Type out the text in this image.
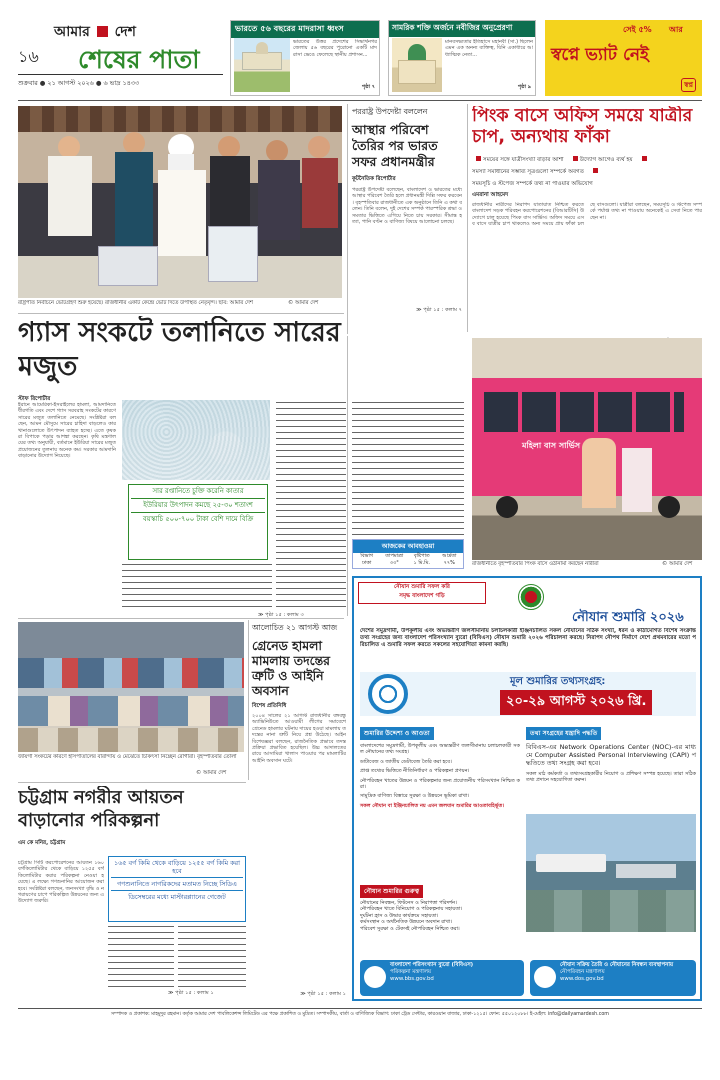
আমার দেশ
১৬ শেষের পাতা
শুক্রবার ● ২১ আগস্ট ২০২৬ ● ৬ ভাদ্র ১৪৩৩
ভারতে ৫৬ বছরের মাদরাসা ধ্বংস
ভারতের উত্তর প্রদেশের সিদ্ধার্থনগর জেলায় ৫৬ বছরের পুরোনো একটি মাদরাসা ভেঙে ফেলেছে স্থানীয় প্রশাসন...
পৃষ্ঠা ৭
সামরিক শক্তি অর্জনে নবীজির অনুপ্রেরণা
মানবসভ্যতার ইতিহাসে মহানবী (সা.) ছিলেন এমন এক অনন্য ব্যক্তিত্ব, যিনি একাধারে আধ্যাত্মিক নেতা...
পৃষ্ঠা ৯
সেই ৫% আর
স্বপ্নে ভ্যাট নেই
স্বপ্ন
রাষ্ট্রপতি নির্বাচনে ভোটগ্রহণ শুরু হয়েছে। রাজধানীর একটি কেন্দ্রে ভোট দিতে উপস্থিত নেতৃবৃন্দ। ছবি: আমার দেশ	© আমার দেশ
পররাষ্ট্র উপদেষ্টা বললেন
আস্থার পরিবেশ তৈরির পর ভারত সফর প্রধানমন্ত্রীর
কূটনৈতিক রিপোর্টার
পররাষ্ট্র উপদেষ্টা বলেছেন, বাংলাদেশ ও ভারতের মধ্যে আস্থার পরিবেশ তৈরি হলে প্রধানমন্ত্রী দিল্লি সফর করবেন। বৃহস্পতিবার রাজধানীতে এক অনুষ্ঠানে তিনি এ কথা বলেন। তিনি বলেন, দুই দেশের সম্পর্ক পারস্পরিক শ্রদ্ধা ও সমতার ভিত্তিতে এগিয়ে নিতে চায় সরকার। সীমান্ত হত্যা, পানি বণ্টন ও বাণিজ্য বিষয়ে আলোচনা চলছে।
≫ পৃষ্ঠা ১৫ : কলাম ৭
পিংক বাসে অফিস সময়ে যাত্রীর চাপ, অন্যথায় ফাঁকা
সময়ের সঙ্গে যাত্রীসংখ্যা বাড়ার আশা	উদ্যোগ আগেও ব্যর্থ হয় সমস্যা সমাধানের সম্ভাব্য সূত্রগুলো সম্পর্কে অবগত সময়সূচি ও স্টপেজ সম্পর্কে তথ্য না পাওয়ার অভিযোগ
এমরানা আহমেদ
রাজধানীর নারীদের নিরাপদ যাতায়াত নিশ্চিত করতে বাংলাদেশ সড়ক পরিবহন করপোরেশনের (বিআরটিসি) উদ্যোগে চালু হয়েছে পিংক বাস সার্ভিস। অফিস সময়ে এসব বাসে যাত্রীর চাপ থাকলেও অন্য সময়ে প্রায় ফাঁকা চলছে বাসগুলো। যাত্রীরা বলছেন, সময়সূচি ও স্টপেজ সম্পর্কে পর্যাপ্ত তথ্য না পাওয়ায় অনেকেই এ সেবা নিতে পারছেন না।
মহিলা বাস সার্ভিস
রাজধানীতে বৃহস্পতিবার পিংক বাসে ওঠানামা করছেন নারীরা	© আমার দেশ
আজকের আবহাওয়া
বিভাগ	তাপমাত্রা	বৃষ্টিপাত	আর্দ্রতা
ঢাকা	৩৩°	১ মি.মি.	৭৭%
গ্যাস সংকটে তলানিতে সারের মজুত
স্টাফ রিপোর্টার
ইরানে আমেরিকা-ইসরাইলের হামলা, আমদানিতে ধীরগতি এবং দেশে গ্যাস সরবরাহ সংকটের কারণে সারের মজুত তলানিতে নেমেছে। সংশ্লিষ্টরা বলছেন, আমন মৌসুমে সারের চাহিদা বাড়লেও কারখানাগুলোতে উৎপাদন ব্যাহত হচ্ছে। এতে কৃষকরা বিপাকে পড়ার আশঙ্কা করছেন। কৃষি মন্ত্রণালয়ের তথ্য অনুযায়ী, বর্তমানে ইউরিয়া সারের মজুত প্রয়োজনের তুলনায় অনেক কম। সরকার আমদানি বাড়ানোর উদ্যোগ নিয়েছে।
সার রপ্তানিতে চুক্তি করেনি কাতার
ইউরিয়ার উৎপাদন কমছে ২৫-৩০ শতাংশ
বয়স্কাচি ৫০০-৭০০ টাকা বেশি দামে বিক্রি
≫ পৃষ্ঠা ১৫ : কলাম ৩
নৌযান শুমারি সফল করি
সমৃদ্ধ বাংলাদেশ গড়ি
নৌযান শুমারি ২০২৬
দেশের সমুদ্রগামী, উপকূলীয় এবং অভ্যন্তরীণ জলসীমানায় চলাচলকারী ইঞ্জিনচালিত সকল নৌযানের সঠিক সংখ্যা, ধরন ও কাঠামোগত বিশেষ সংক্রান্ত তথ্য সংগ্রহের জন্য বাংলাদেশ পরিসংখ্যান ব্যুরো (বিবিএস) নৌযান শুমারি ২০২৬ পরিচালনা করছে। নিরাপদ নৌপথ নির্মাণে দেশে প্রথমবারের মতো পরিচালিত এ শুমারি সফল করতে সকলের সহযোগিতা কামনা করছি।
মূল শুমারির তথ্যসংগ্রহ:
২০-২৯ আগস্ট ২০২৬ খ্রি.
শুমারির উদ্দেশ্য ও আওতা
বাংলাদেশের সমুদ্রগামী, উপকূলীয় এবং অভ্যন্তরীণ জলসীমানায় চলাচলকারী সকল নৌযানের তথ্য সংগ্রহ।
ডাটাবেজ ও জাতীয় ডেটাবেজ তৈরি করা হবে।
প্রাপ্ত তথ্যের ভিত্তিতে নীতিনির্ধারণ ও পরিকল্পনা প্রণয়ন।
নৌপরিবহন খাতের উন্নয়ন ও পরিকল্পনার জন্য প্রয়োজনীয় পরিসংখ্যান নিশ্চিত করা।
সামুদ্রিক বাণিজ্য বিস্তারে সুরক্ষা ও উন্নয়নে ভূমিকা রাখা।
সকল নৌযান বা ইঞ্জিনচালিত নয় এমন জলযান শুমারির আওতাবহির্ভূত।
তথ্য সংগ্রহের যন্ত্রাদি পদ্ধতি
বিবিএস-এর Network Operations Center (NOC)-এর মাধ্যমে Computer Assisted Personal Interviewing (CAPI) পদ্ধতিতে তথ্য সংগ্রহ করা হবে।
সকল মাঠ কর্মকর্তা ও তথ্যসংগ্রহকারীর নিয়োগ ও প্রশিক্ষণ সম্পন্ন হয়েছে। তারা সঠিক তথ্য প্রদানে সহযোগিতা করুন।
নৌযান শুমারির গুরুত্ব
নৌযানের নিবন্ধন, ফিটনেস ও নিরাপত্তা পরিদর্শন।
নৌপরিবহন খাতে বিনিয়োগ ও পরিকল্পনায় সহায়তা।
দুর্ঘটনা হ্রাস ও উদ্ধার কার্যক্রমে সহায়তা।
কর্মসংস্থান ও অর্থনৈতিক উন্নয়নে অবদান রাখা।
পরিবেশ সুরক্ষা ও টেকসই নৌপরিবহন নিশ্চিত করা।
বাংলাদেশ পরিসংখ্যান ব্যুরো (বিবিএস)
পরিকল্পনা মন্ত্রণালয়
www.bbs.gov.bd
নৌযান সক্রিয় তৈরি ও নৌযানের নিবন্ধন ব্যবস্থাপনায়
নৌপরিবহন মন্ত্রণালয়
www.dos.gov.bd
জায়গা সংকটের কারণে হাসপাতালের বারান্দায় ও মেঝেতে চিকিৎসা নিচ্ছেন রোগীরা। বৃহস্পতিবার তোলা
© আমার দেশ
আলোচিত ২১ আগস্ট আজ
গ্রেনেড হামলা মামলায় তদন্তের ত্রুটি ও আইনি অবসান
বিশেষ প্রতিনিধি
২০০৪ সালের ২১ আগস্ট রাজধানীর বঙ্গবন্ধু অ্যাভিনিউতে আওয়ামী লীগের সমাবেশে গ্রেনেড হামলার ঘটনায় দায়ের হওয়া মামলায় তদন্তের নানা ত্রুটি নিয়ে প্রশ্ন উঠেছে। আইন বিশেষজ্ঞরা বলছেন, রাজনৈতিক প্রভাবে তদন্ত প্রক্রিয়া প্রভাবিত হয়েছিল। উচ্চ আদালতের রায়ে আসামিরা খালাস পাওয়ার পর মামলাটির আইনি অবসান ঘটে।
≫ পৃষ্ঠা ১৫ : কলাম ১
চট্টগ্রাম নগরীর আয়তন বাড়ানোর পরিকল্পনা
এম কে মনির, চট্টগ্রাম
চট্টগ্রাম সিটি করপোরেশনের আয়তন ১৬০ বর্গকিলোমিটার থেকে বাড়িয়ে ১২৫৫ বর্গকিলোমিটার করার পরিকল্পনা নেওয়া হয়েছে। এ লক্ষ্যে গণশুনানির আয়োজন করা হবে। সংশ্লিষ্টরা বলছেন, জনসংখ্যা বৃদ্ধি ও নগরায়ণের চাপে পরিকল্পিত উন্নয়নের জন্য এ উদ্যোগ জরুরি।
১৬৫ বর্গ কিমি থেকে বাড়িয়ে ১২৫৫ বর্গ কিমি করা হবে
গণশুনানিতে নাগরিকদের মতামত নিচ্ছে সিডিএ
ডিসেম্বরের মধ্যে মাস্টারপ্ল্যানের গেজেট
≫ পৃষ্ঠা ১৫ : কলাম ১
সম্পাদক ও প্রকাশক: মাহমুদুর রহমান। কর্তৃক আমার দেশ পাবলিকেশন্স লিমিটেড এর পক্ষে প্রকাশিত ও মুদ্রিত। সম্পাদকীয়, বার্তা ও বাণিজ্যিক বিভাগ: ঢাকা ট্রেড সেন্টার, কারওয়ান বাজার, ঢাকা-১২১৫। ফোন: ৫৫০১২০৮৮। ই-মেইল: info@dailyamardesh.com
